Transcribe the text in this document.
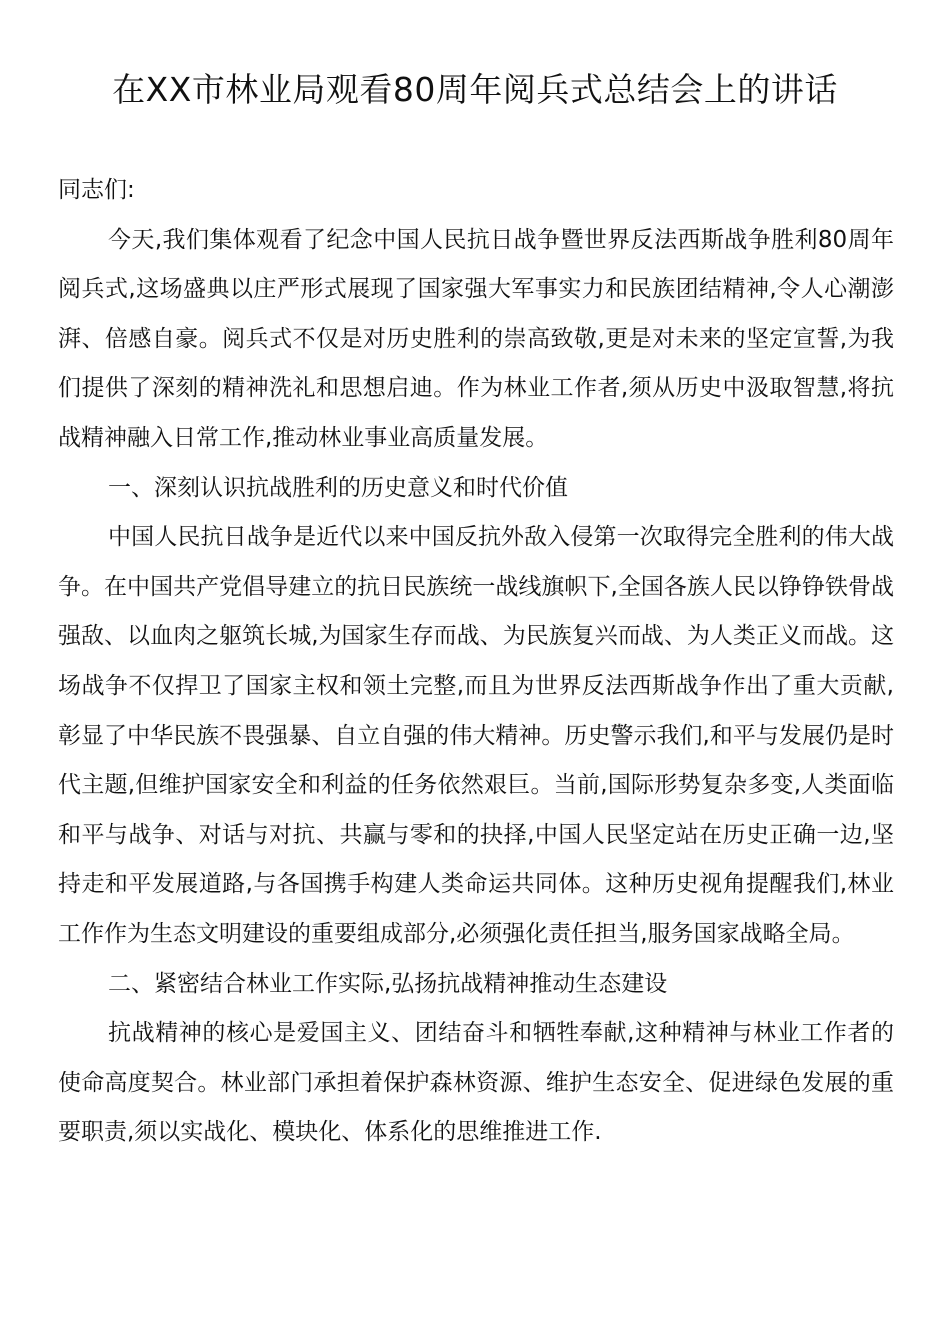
在XX市林业局观看80周年阅兵式总结会上的讲话

同志们:

今天,我们集体观看了纪念中国人民抗日战争暨世界反法西斯战争胜利80周年阅兵式,这场盛典以庄严形式展现了国家强大军事实力和民族团结精神,令人心潮澎湃、倍感自豪。阅兵式不仅是对历史胜利的崇高致敬,更是对未来的坚定宣誓,为我们提供了深刻的精神洗礼和思想启迪。作为林业工作者,须从历史中汲取智慧,将抗战精神融入日常工作,推动林业事业高质量发展。

一、深刻认识抗战胜利的历史意义和时代价值

中国人民抗日战争是近代以来中国反抗外敌入侵第一次取得完全胜利的伟大战争。在中国共产党倡导建立的抗日民族统一战线旗帜下,全国各族人民以铮铮铁骨战强敌、以血肉之躯筑长城,为国家生存而战、为民族复兴而战、为人类正义而战。这场战争不仅捍卫了国家主权和领土完整,而且为世界反法西斯战争作出了重大贡献,彰显了中华民族不畏强暴、自立自强的伟大精神。历史警示我们,和平与发展仍是时代主题,但维护国家安全和利益的任务依然艰巨。当前,国际形势复杂多变,人类面临和平与战争、对话与对抗、共赢与零和的抉择,中国人民坚定站在历史正确一边,坚持走和平发展道路,与各国携手构建人类命运共同体。这种历史视角提醒我们,林业工作作为生态文明建设的重要组成部分,必须强化责任担当,服务国家战略全局。

二、紧密结合林业工作实际,弘扬抗战精神推动生态建设

抗战精神的核心是爱国主义、团结奋斗和牺牲奉献,这种精神与林业工作者的使命高度契合。林业部门承担着保护森林资源、维护生态安全、促进绿色发展的重要职责,须以实战化、模块化、体系化的思维推进工作.
